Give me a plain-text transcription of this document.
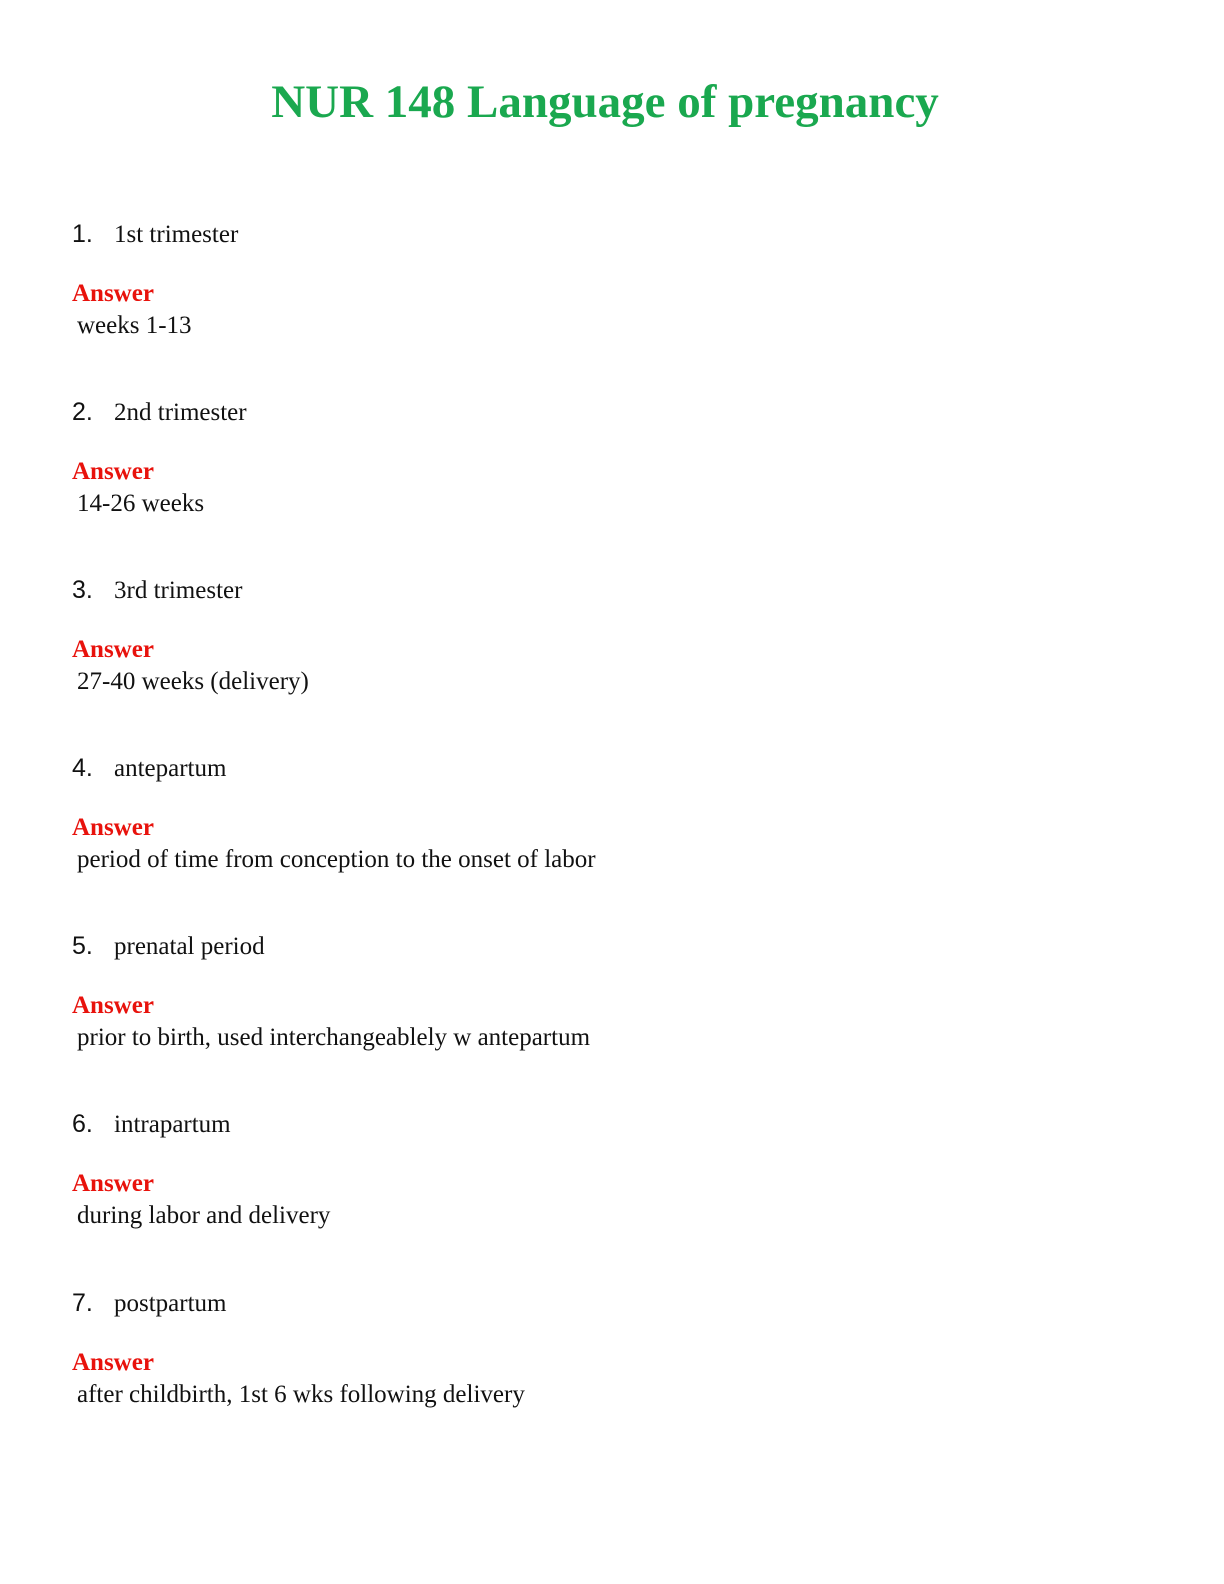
NUR 148 Language of pregnancy
1. 1st trimester
Answer
weeks 1-13
2. 2nd trimester
Answer
14-26 weeks
3. 3rd trimester
Answer
27-40 weeks (delivery)
4. antepartum
Answer
period of time from conception to the onset of labor
5. prenatal period
Answer
prior to birth, used interchangeablely w antepartum
6. intrapartum
Answer
during labor and delivery
7. postpartum
Answer
after childbirth, 1st 6 wks following delivery
